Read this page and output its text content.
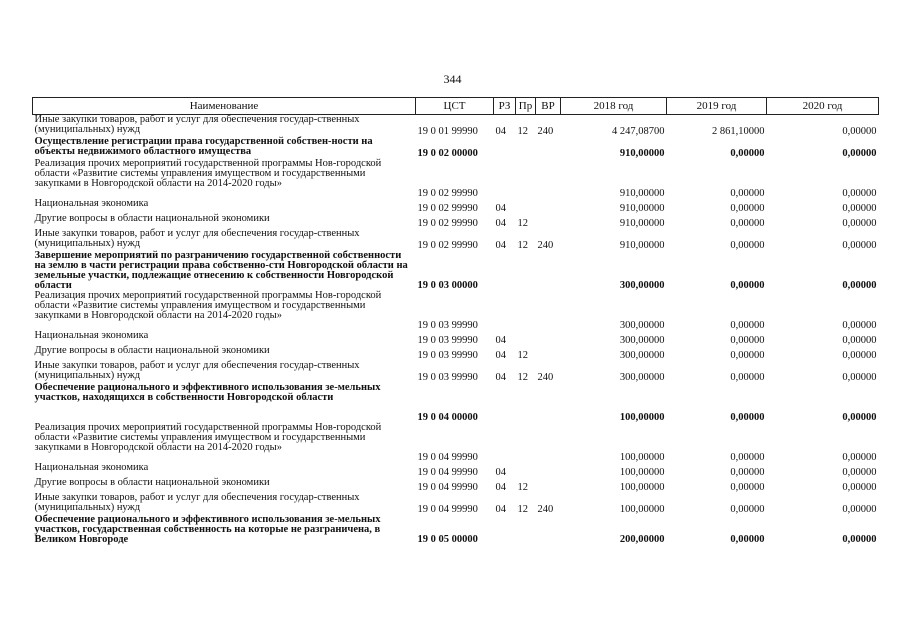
344
Наименование	ЦСТ	РЗ	Пр	ВР	2018 год	2019 год	2020 год
Иные закупки товаров, работ и услуг для обеспечения государ-ственных (муниципальных) нужд	19 0 01 99990	04	12	240	4 247,08700	2 861,10000	0,00000
Осуществление регистрации права государственной собствен-ности на объекты недвижимого областного имущества	19 0 02 00000				910,00000	0,00000	0,00000
Реализация прочих мероприятий государственной программы Нов-городской области «Развитие системы управления имуществом и государственными закупками в Новгородской области на 2014-2020 годы»	19 0 02 99990				910,00000	0,00000	0,00000
Национальная экономика	19 0 02 99990	04			910,00000	0,00000	0,00000
Другие вопросы в области национальной экономики	19 0 02 99990	04	12		910,00000	0,00000	0,00000
Иные закупки товаров, работ и услуг для обеспечения государ-ственных (муниципальных) нужд	19 0 02 99990	04	12	240	910,00000	0,00000	0,00000
Завершение мероприятий по разграничению государственной собственности на землю в части регистрации права собственно-сти Новгородской области на земельные участки, подлежащие отнесению к собственности Новгородской области	19 0 03 00000				300,00000	0,00000	0,00000
Реализация прочих мероприятий государственной программы Нов-городской области «Развитие системы управления имуществом и государственными закупками в Новгородской области на 2014-2020 годы»	19 0 03 99990				300,00000	0,00000	0,00000
Национальная экономика	19 0 03 99990	04			300,00000	0,00000	0,00000
Другие вопросы в области национальной экономики	19 0 03 99990	04	12		300,00000	0,00000	0,00000
Иные закупки товаров, работ и услуг для обеспечения государ-ственных (муниципальных) нужд	19 0 03 99990	04	12	240	300,00000	0,00000	0,00000
Обеспечение рационального и эффективного использования зе-мельных участков, находящихся в собственности Новгородской области	19 0 04 00000				100,00000	0,00000	0,00000
Реализация прочих мероприятий государственной программы Нов-городской области «Развитие системы управления имуществом и государственными закупками в Новгородской области на 2014-2020 годы»	19 0 04 99990				100,00000	0,00000	0,00000
Национальная экономика	19 0 04 99990	04			100,00000	0,00000	0,00000
Другие вопросы в области национальной экономики	19 0 04 99990	04	12		100,00000	0,00000	0,00000
Иные закупки товаров, работ и услуг для обеспечения государ-ственных (муниципальных) нужд	19 0 04 99990	04	12	240	100,00000	0,00000	0,00000
Обеспечение рационального и эффективного использования зе-мельных участков, государственная собственность на которые не разграничена, в Великом Новгороде	19 0 05 00000				200,00000	0,00000	0,00000
